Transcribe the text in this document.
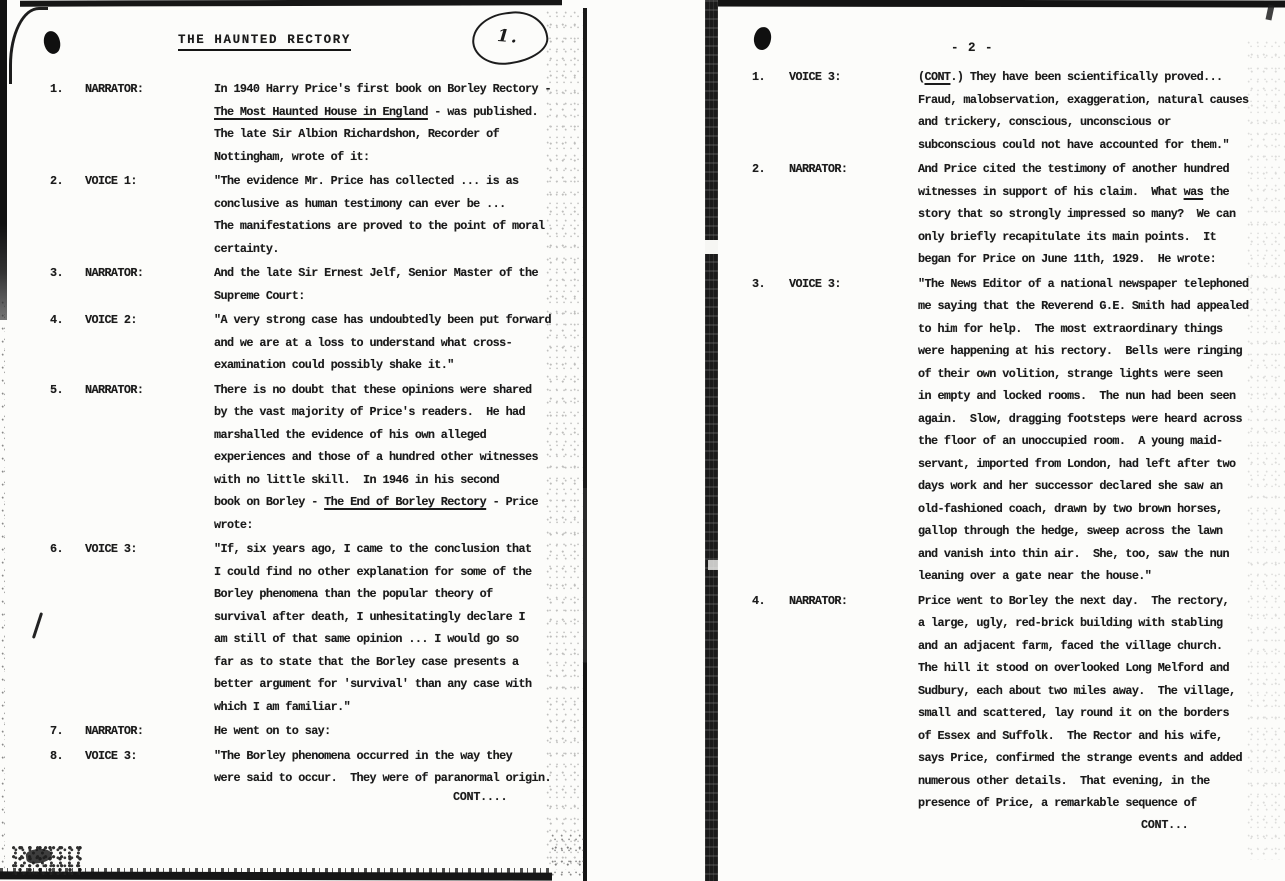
1.
THE HAUNTED RECTORY
1.	NARRATOR:	In 1940 Harry Price's first book on Borley Rectory -
The Most Haunted House in England - was published.
The late Sir Albion Richardshon, Recorder of
Nottingham, wrote of it:
2.	VOICE 1:	"The evidence Mr. Price has collected ... is as
conclusive as human testimony can ever be ...
The manifestations are proved to the point of moral
certainty.
3.	NARRATOR:	And the late Sir Ernest Jelf, Senior Master of the
Supreme Court:
4.	VOICE 2:	"A very strong case has undoubtedly been put forward
and we are at a loss to understand what cross-
examination could possibly shake it."
5.	NARRATOR:	There is no doubt that these opinions were shared
by the vast majority of Price's readers.  He had
marshalled the evidence of his own alleged
experiences and those of a hundred other witnesses
with no little skill.  In 1946 in his second
book on Borley - The End of Borley Rectory - Price
wrote:
6.	VOICE 3:	"If, six years ago, I came to the conclusion that
I could find no other explanation for some of the
Borley phenomena than the popular theory of
survival after death, I unhesitatingly declare I
am still of that same opinion ... I would go so
far as to state that the Borley case presents a
better argument for 'survival' than any case with
which I am familiar."
7.	NARRATOR:	He went on to say:
8.	VOICE 3:	"The Borley phenomena occurred in the way they
were said to occur.  They were of paranormal origin.
CONT....
- 2 -
1.	VOICE 3:	(CONT.) They have been scientifically proved...
Fraud, malobservation, exaggeration, natural causes
and trickery, conscious, unconscious or
subconscious could not have accounted for them."
2.	NARRATOR:	And Price cited the testimony of another hundred
witnesses in support of his claim.  What was the
story that so strongly impressed so many?  We can
only briefly recapitulate its main points.  It
began for Price on June 11th, 1929.  He wrote:
3.	VOICE 3:	"The News Editor of a national newspaper telephoned
me saying that the Reverend G.E. Smith had appealed
to him for help.  The most extraordinary things
were happening at his rectory.  Bells were ringing
of their own volition, strange lights were seen
in empty and locked rooms.  The nun had been seen
again.  Slow, dragging footsteps were heard across
the floor of an unoccupied room.  A young maid-
servant, imported from London, had left after two
days work and her successor declared she saw an
old-fashioned coach, drawn by two brown horses,
gallop through the hedge, sweep across the lawn
and vanish into thin air.  She, too, saw the nun
leaning over a gate near the house."
4.	NARRATOR:	Price went to Borley the next day.  The rectory,
a large, ugly, red-brick building with stabling
and an adjacent farm, faced the village church.
The hill it stood on overlooked Long Melford and
Sudbury, each about two miles away.  The village,
small and scattered, lay round it on the borders
of Essex and Suffolk.  The Rector and his wife,
says Price, confirmed the strange events and added
numerous other details.  That evening, in the
presence of Price, a remarkable sequence of
CONT...
